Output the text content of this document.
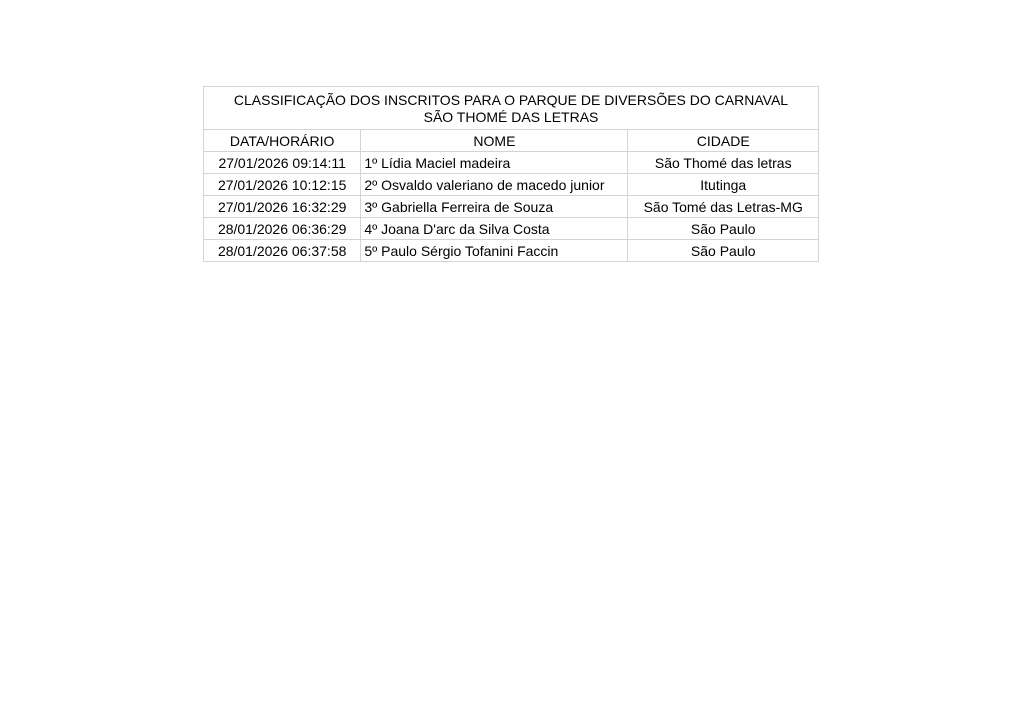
CLASSIFICAÇÃO DOS INSCRITOS PARA O PARQUE DE DIVERSÕES DO CARNAVAL
SÃO THOMÉ DAS LETRAS		

DATA/HORÁRIO	NOME	CIDADE
27/01/2026 09:14:11	1º Lídia Maciel madeira	São Thomé das letras
27/01/2026 10:12:15	2º Osvaldo valeriano de macedo junior	Itutinga
27/01/2026 16:32:29	3º Gabriella Ferreira de Souza	São Tomé das Letras-MG
28/01/2026 06:36:29	4º Joana D'arc da Silva Costa	São Paulo
28/01/2026 06:37:58	5º Paulo Sérgio Tofanini Faccin	São Paulo
